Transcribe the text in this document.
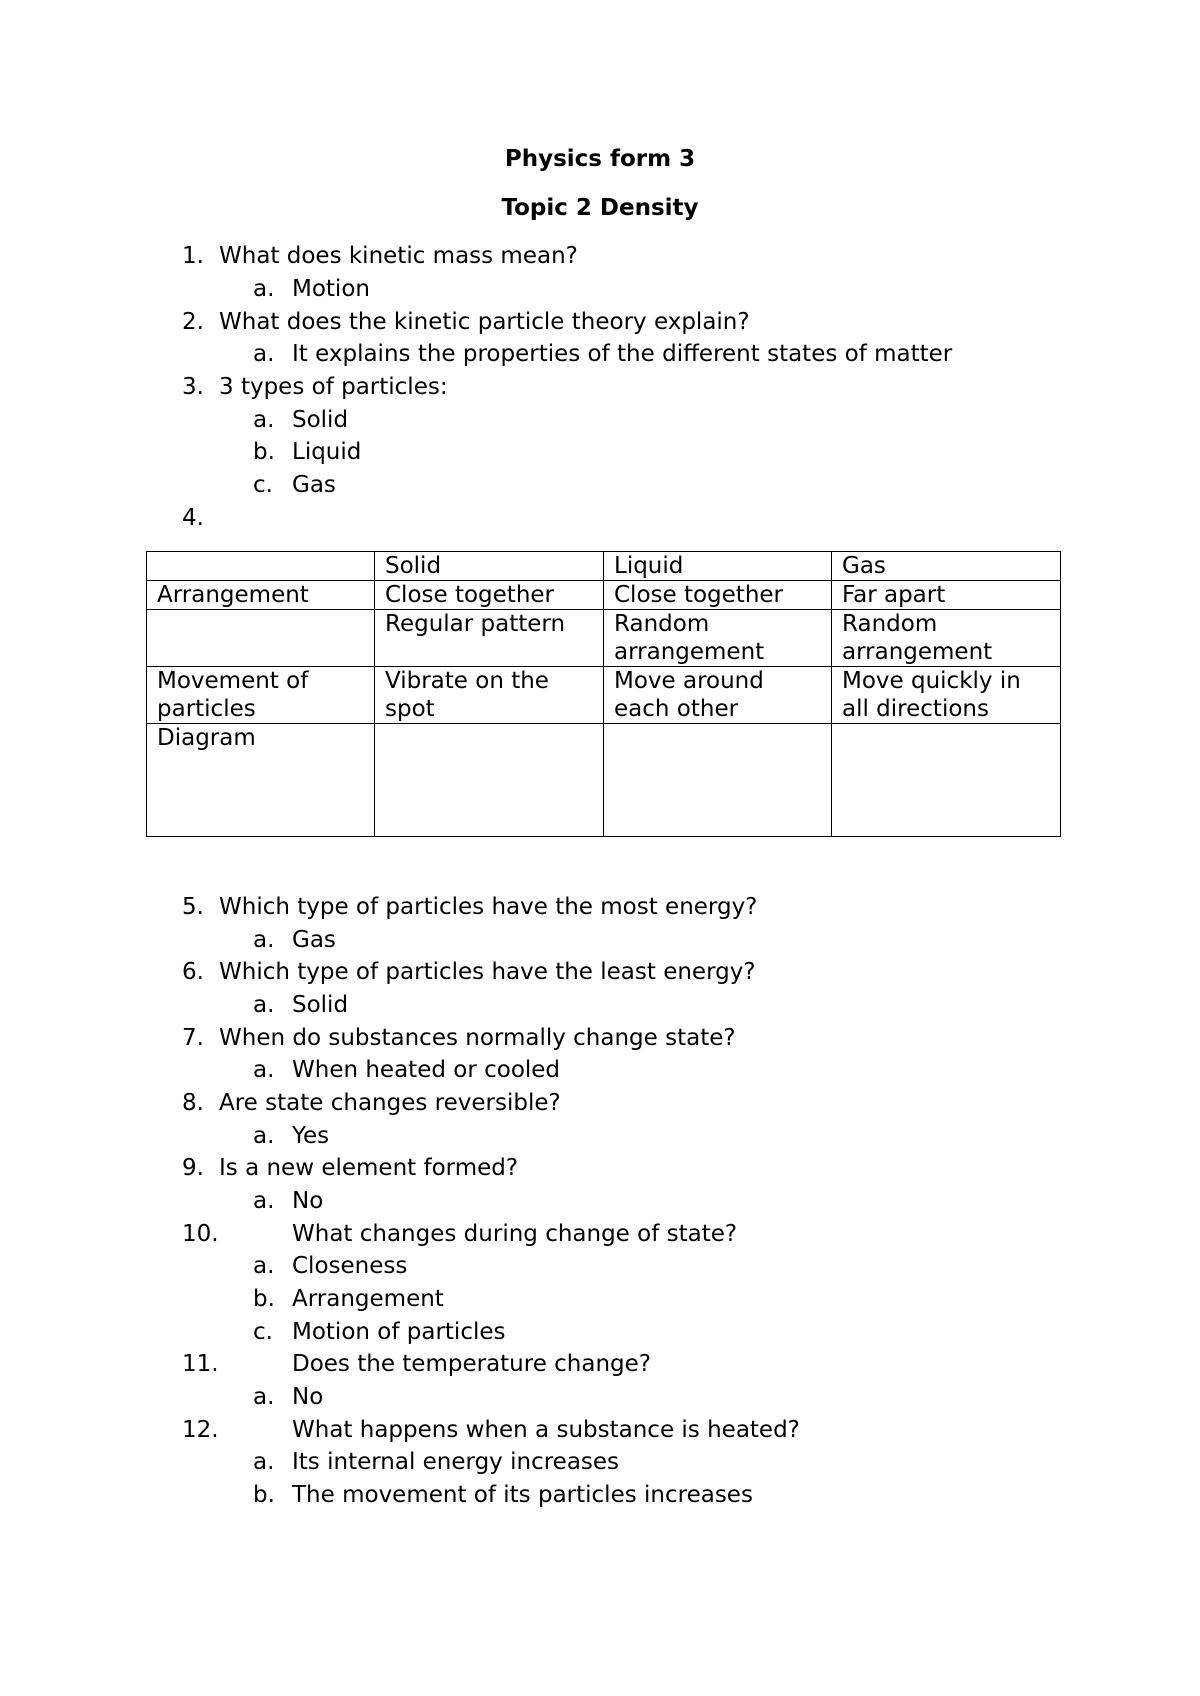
Physics form 3
Topic 2 Density
1. What does kinetic mass mean?
a. Motion
2. What does the kinetic particle theory explain?
a. It explains the properties of the different states of matter
3. 3 types of particles:
a. Solid
b. Liquid
c. Gas
4.
	Solid	Liquid	Gas
Arrangement	Close together	Close together	Far apart
	Regular pattern	Random arrangement	Random arrangement
Movement of particles	Vibrate on the spot	Move around each other	Move quickly in all directions
Diagram			
5. Which type of particles have the most energy?
a. Gas
6. Which type of particles have the least energy?
a. Solid
7. When do substances normally change state?
a. When heated or cooled
8. Are state changes reversible?
a. Yes
9. Is a new element formed?
a. No
10.	What changes during change of state?
a. Closeness
b. Arrangement
c. Motion of particles
11.	Does the temperature change?
a. No
12.	What happens when a substance is heated?
a. Its internal energy increases
b. The movement of its particles increases
